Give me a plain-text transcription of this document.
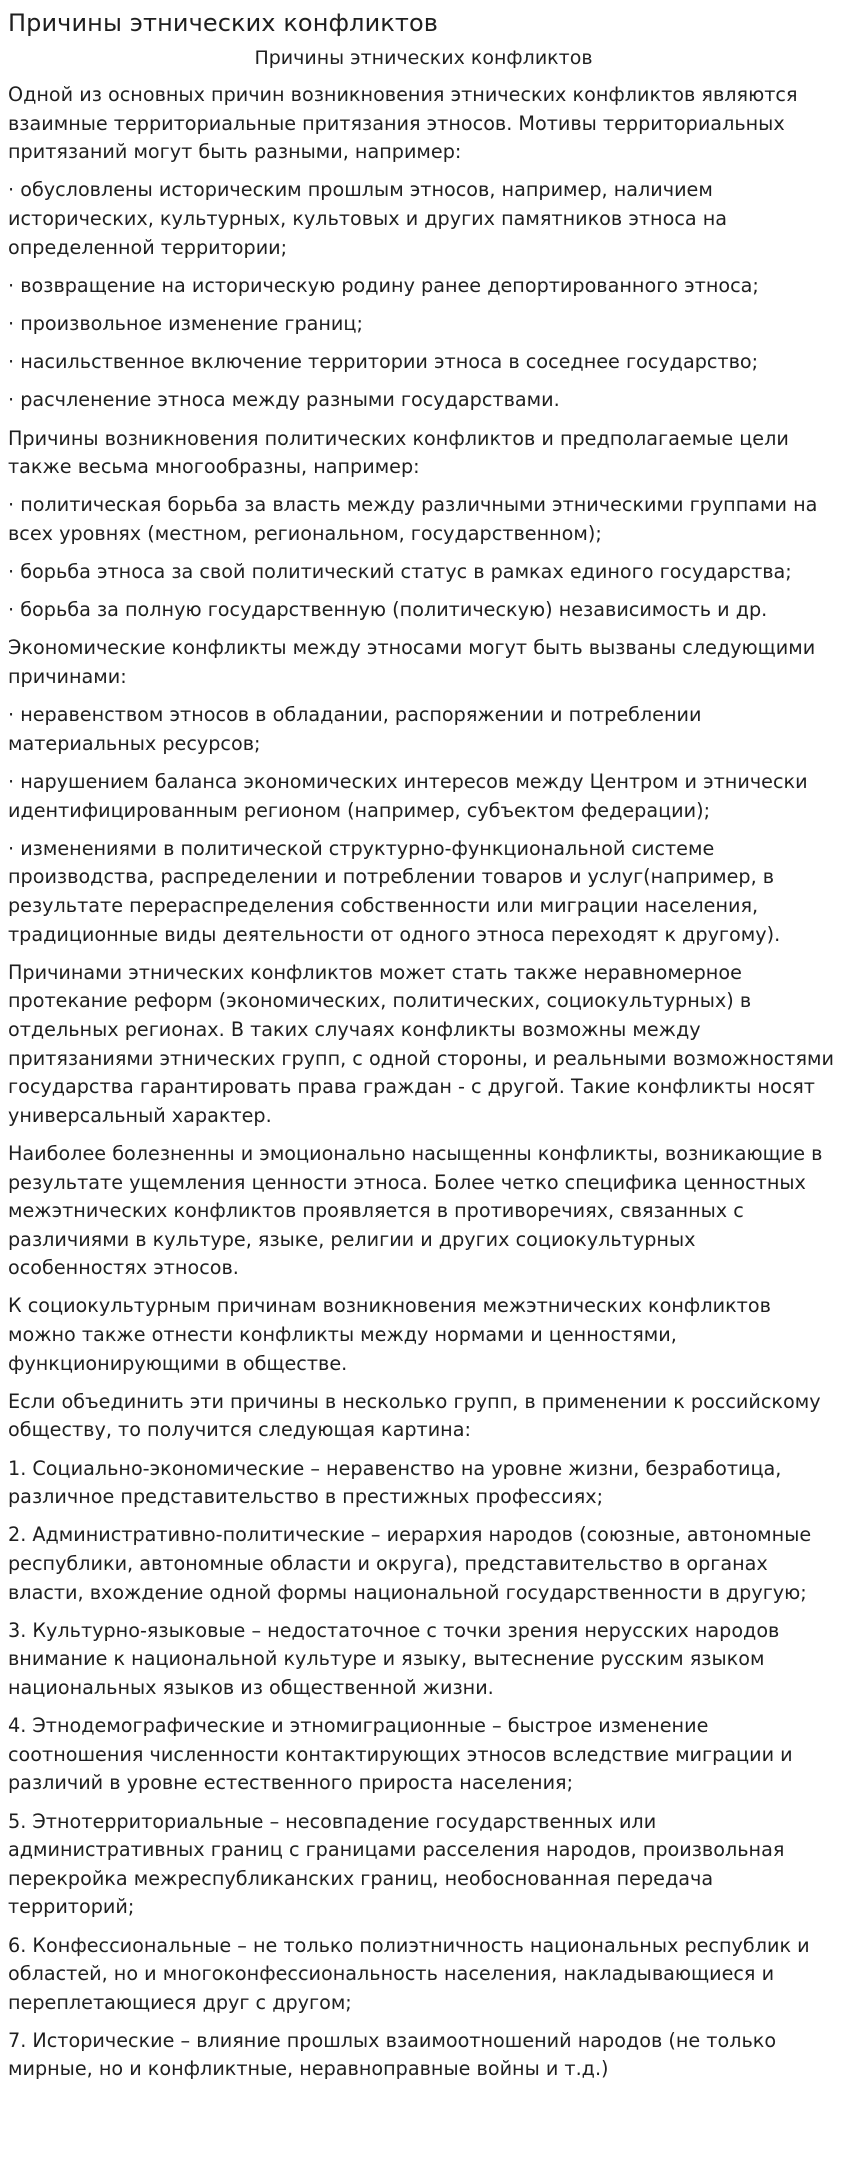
Причины этнических конфликтов
Причины этнических конфликтов

Одной из основных причин возникновения этнических конфликтов являются взаимные территориальные притязания этносов. Мотивы территориальных притязаний могут быть разными, например:

· обусловлены историческим прошлым этносов, например, наличием исторических, культурных, культовых и других памятников этноса на определенной территории;

· возвращение на историческую родину ранее депортированного этноса;

· произвольное изменение границ;

· насильственное включение территории этноса в соседнее государство;

· расчленение этноса между разными государствами.

Причины возникновения политических конфликтов и предполагаемые цели также весьма многообразны, например:

· политическая борьба за власть между различными этническими группами на всех уровнях (местном, региональном, государственном);

· борьба этноса за свой политический статус в рамках единого государства;

· борьба за полную государственную (политическую) независимость и др.

Экономические конфликты между этносами могут быть вызваны следующими причинами:

· неравенством этносов в обладании, распоряжении и потреблении материальных ресурсов;

· нарушением баланса экономических интересов между Центром и этнически идентифицированным регионом (например, субъектом федерации);

· изменениями в политической структурно-функциональной системе производства, распределении и потреблении товаров и услуг(например, в результате перераспределения собственности или миграции населения, традиционные виды деятельности от одного этноса переходят к другому).

Причинами этнических конфликтов может стать также неравномерное протекание реформ (экономических, политических, социокультурных) в отдельных регионах. В таких случаях конфликты возможны между притязаниями этнических групп, с одной стороны, и реальными возможностями государства гарантировать права граждан - с другой. Такие конфликты носят универсальный характер.

Наиболее болезненны и эмоционально насыщенны конфликты, возникающие в результате ущемления ценности этноса. Более четко специфика ценностных межэтнических конфликтов проявляется в противоречиях, связанных с различиями в культуре, языке, религии и других социокультурных особенностях этносов.

К социокультурным причинам возникновения межэтнических конфликтов можно также отнести конфликты между нормами и ценностями, функционирующими в обществе.

Если объединить эти причины в несколько групп, в применении к российскому обществу, то получится следующая картина:

1. Социально-экономические – неравенство на уровне жизни, безработица, различное представительство в престижных профессиях;

2. Административно-политические – иерархия народов (союзные, автономные республики, автономные области и округа), представительство в органах власти, вхождение одной формы национальной государственности в другую;

3. Культурно-языковые – недостаточное с точки зрения нерусских народов внимание к национальной культуре и языку, вытеснение русским языком национальных языков из общественной жизни.

4. Этнодемографические и этномиграционные – быстрое изменение соотношения численности контактирующих этносов вследствие миграции и различий в уровне естественного прироста населения;

5. Этнотерриториальные – несовпадение государственных или административных границ с границами расселения народов, произвольная перекройка межреспубликанских границ, необоснованная передача территорий;

6. Конфессиональные – не только полиэтничность национальных республик и областей, но и многоконфессиональность населения, накладывающиеся и переплетающиеся друг с другом;

7. Исторические – влияние прошлых взаимоотношений народов (не только мирные, но и конфликтные, неравноправные войны и т.д.)
